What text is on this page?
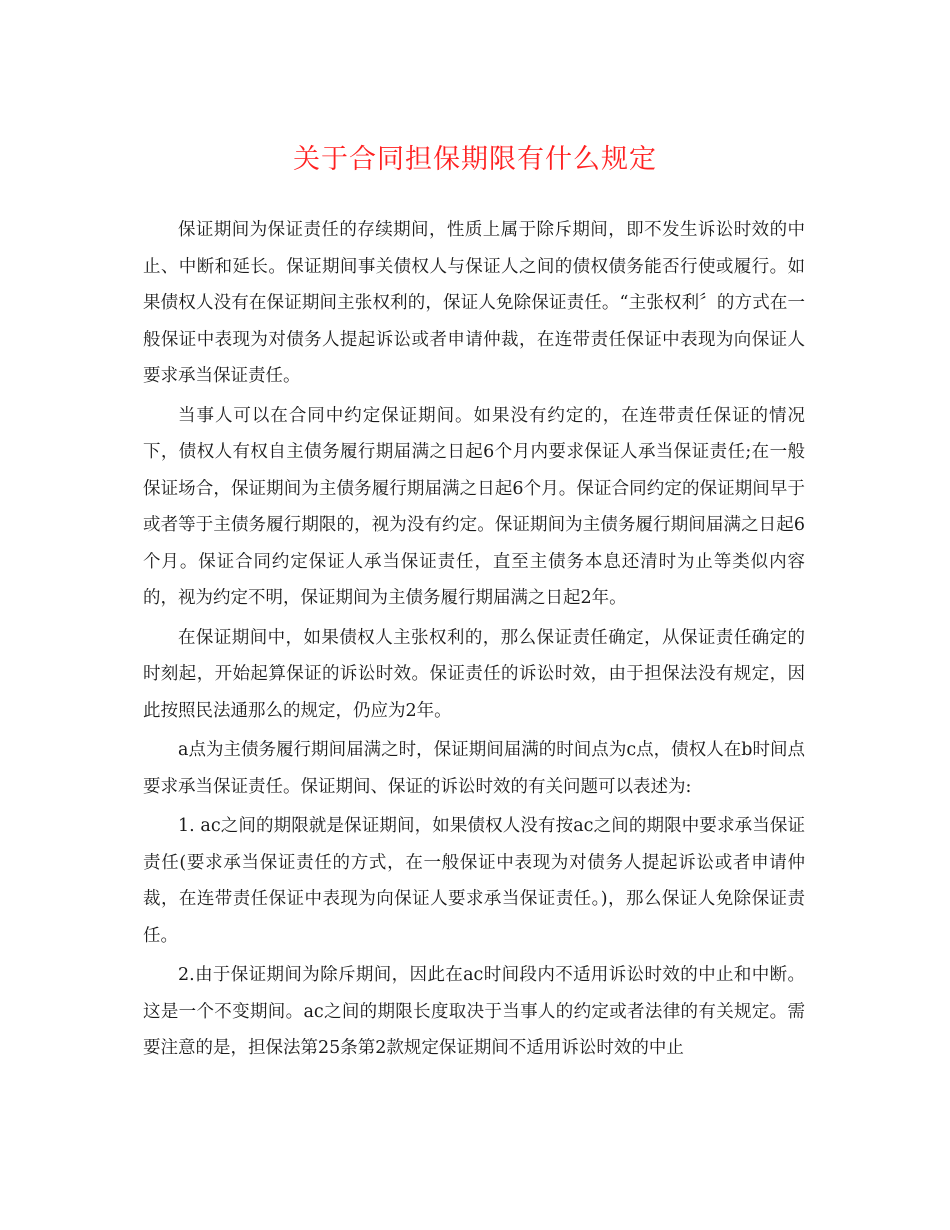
关于合同担保期限有什么规定

保证期间为保证责任的存续期间，性质上属于除斥期间，即不发生诉讼时效的中止、中断和延长。保证期间事关债权人与保证人之间的债权债务能否行使或履行。如果债权人没有在保证期间主张权利的，保证人免除保证责任。“主张权利〞的方式在一般保证中表现为对债务人提起诉讼或者申请仲裁，在连带责任保证中表现为向保证人要求承当保证责任。

当事人可以在合同中约定保证期间。如果没有约定的，在连带责任保证的情况下，债权人有权自主债务履行期届满之日起6个月内要求保证人承当保证责任;在一般保证场合，保证期间为主债务履行期届满之日起6个月。保证合同约定的保证期间早于或者等于主债务履行期限的，视为没有约定。保证期间为主债务履行期间届满之日起6个月。保证合同约定保证人承当保证责任，直至主债务本息还清时为止等类似内容的，视为约定不明，保证期间为主债务履行期届满之日起2年。

在保证期间中，如果债权人主张权利的，那么保证责任确定，从保证责任确定的时刻起，开始起算保证的诉讼时效。保证责任的诉讼时效，由于担保法没有规定，因此按照民法通那么的规定，仍应为2年。

a点为主债务履行期间届满之时，保证期间届满的时间点为c点，债权人在b时间点要求承当保证责任。保证期间、保证的诉讼时效的有关问题可以表述为:

1. ac之间的期限就是保证期间，如果债权人没有按ac之间的期限中要求承当保证责任(要求承当保证责任的方式，在一般保证中表现为对债务人提起诉讼或者申请仲裁，在连带责任保证中表现为向保证人要求承当保证责任。)，那么保证人免除保证责任。

2.由于保证期间为除斥期间，因此在ac时间段内不适用诉讼时效的中止和中断。这是一个不变期间。ac之间的期限长度取决于当事人的约定或者法律的有关规定。需要注意的是，担保法第25条第2款规定保证期间不适用诉讼时效的中止
